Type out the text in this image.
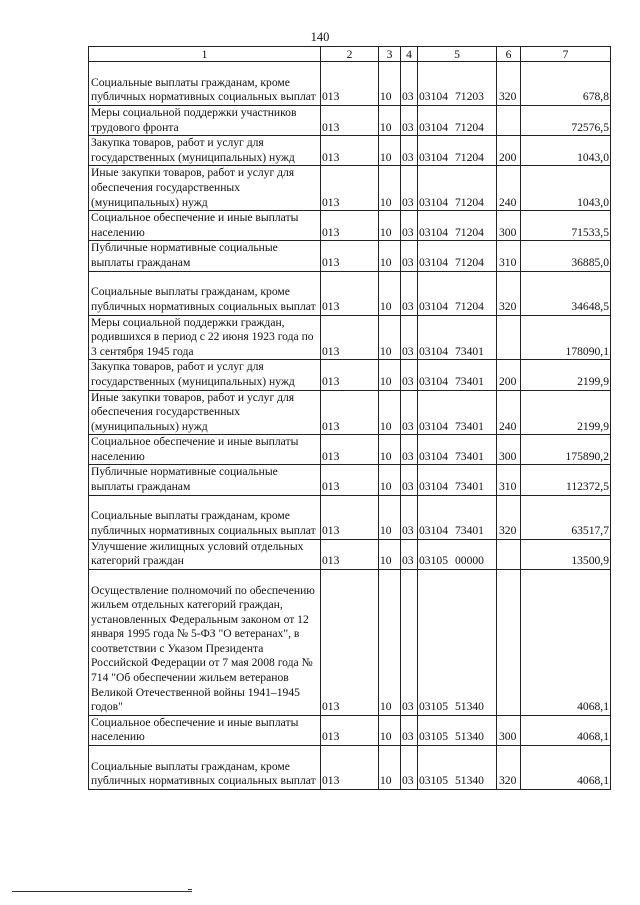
140
1	2	3	4	5	6	7
Социальные выплаты гражданам, кроме публичных нормативных социальных выплат	013	10	03	03104 71203	320	678,8
Меры социальной поддержки участников трудового фронта	013	10	03	03104 71204		72576,5
Закупка товаров, работ и услуг для государственных (муниципальных) нужд	013	10	03	03104 71204	200	1043,0
Иные закупки товаров, работ и услуг для обеспечения государственных (муниципальных) нужд	013	10	03	03104 71204	240	1043,0
Социальное обеспечение и иные выплаты населению	013	10	03	03104 71204	300	71533,5
Публичные нормативные социальные выплаты гражданам	013	10	03	03104 71204	310	36885,0
Социальные выплаты гражданам, кроме публичных нормативных социальных выплат	013	10	03	03104 71204	320	34648,5
Меры социальной поддержки граждан, родившихся в период с 22 июня 1923 года по 3 сентября 1945 года	013	10	03	03104 73401		178090,1
Закупка товаров, работ и услуг для государственных (муниципальных) нужд	013	10	03	03104 73401	200	2199,9
Иные закупки товаров, работ и услуг для обеспечения государственных (муниципальных) нужд	013	10	03	03104 73401	240	2199,9
Социальное обеспечение и иные выплаты населению	013	10	03	03104 73401	300	175890,2
Публичные нормативные социальные выплаты гражданам	013	10	03	03104 73401	310	112372,5
Социальные выплаты гражданам, кроме публичных нормативных социальных выплат	013	10	03	03104 73401	320	63517,7
Улучшение жилищных условий отдельных категорий граждан	013	10	03	03105 00000		13500,9
Осуществление полномочий по обеспечению жильем отдельных категорий граждан, установленных Федеральным законом от 12 января 1995 года № 5-ФЗ "О ветеранах", в соответствии с Указом Президента Российской Федерации от 7 мая 2008 года № 714 "Об обеспечении жильем ветеранов Великой Отечественной войны 1941–1945 годов"	013	10	03	03105 51340		4068,1
Социальное обеспечение и иные выплаты населению	013	10	03	03105 51340	300	4068,1
Социальные выплаты гражданам, кроме публичных нормативных социальных выплат	013	10	03	03105 51340	320	4068,1
